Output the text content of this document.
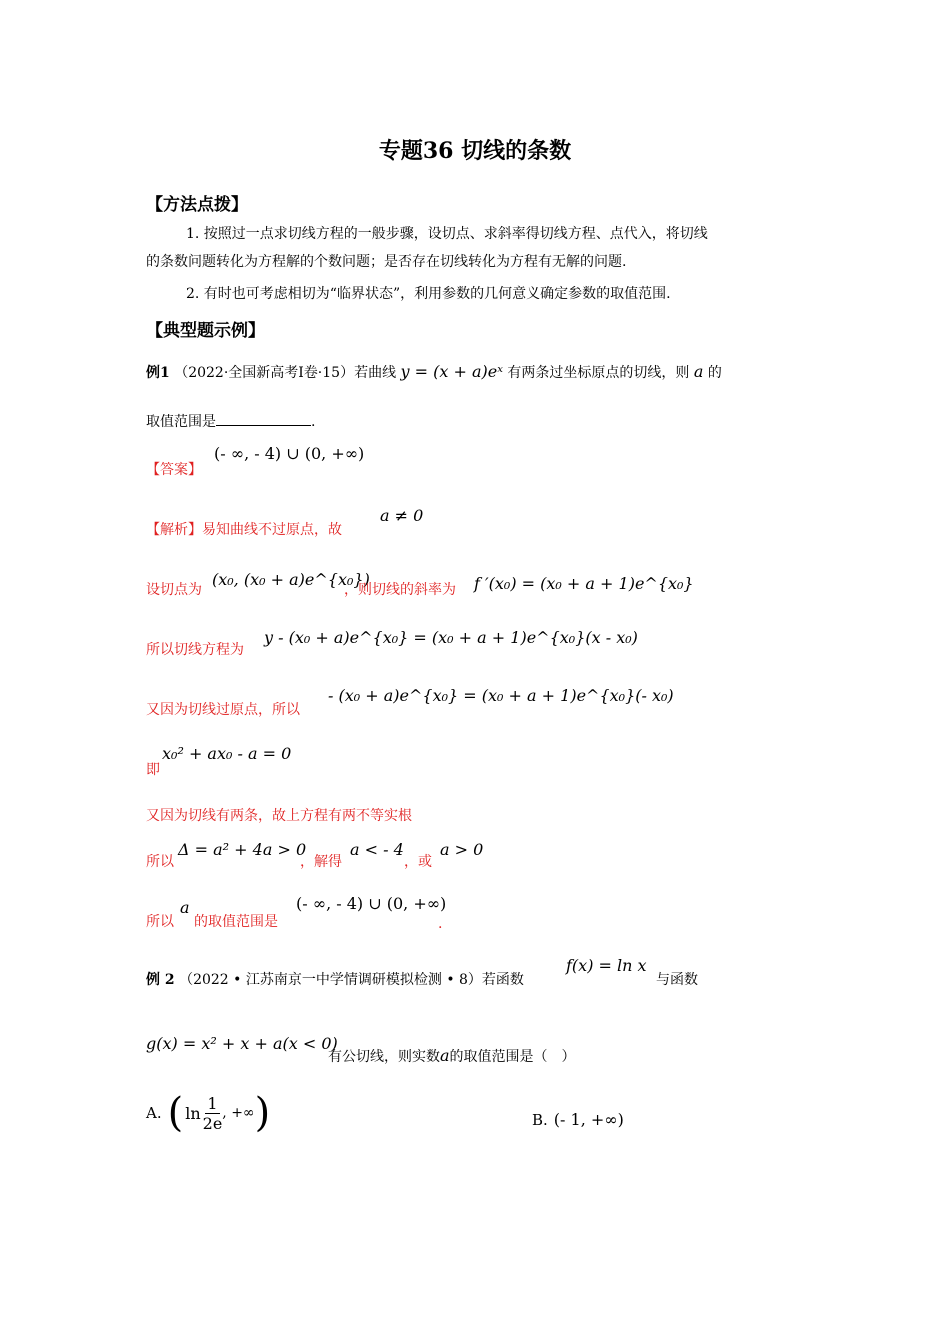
专题36 切线的条数
【方法点拨】
1. 按照过一点求切线方程的一般步骤，设切点、求斜率得切线方程、点代入，将切线
的条数问题转化为方程解的个数问题；是否存在切线转化为方程有无解的问题.
2. 有时也可考虑相切为“临界状态”，利用参数的几何意义确定参数的取值范围.
【典型题示例】
例1 （2022·全国新高考Ⅰ卷·15）若曲线 y = (x + a)eˣ 有两条过坐标原点的切线，则 a 的
取值范围是	.
【答案】
(- ∞, - 4) ∪ (0, +∞)
【解析】易知曲线不过原点，故
a ≠ 0
设切点为
(x₀, (x₀ + a)e^{x₀})
，则切线的斜率为 f ′(x₀) = (x₀ + a + 1)e^{x₀}
所以切线方程为
y - (x₀ + a)e^{x₀} = (x₀ + a + 1)e^{x₀}(x - x₀)
又因为切线过原点，所以
- (x₀ + a)e^{x₀} = (x₀ + a + 1)e^{x₀}(- x₀)
即
x₀² + ax₀ - a = 0
又因为切线有两条，故上方程有两不等实根
所以
Δ = a² + 4a > 0
，解得
a < - 4
，或
a > 0
所以
a
的取值范围是
(- ∞, - 4) ∪ (0, +∞)
.
例 2 （2022 • 江苏南京一中学情调研模拟检测 • 8）若函数
f(x) = ln x
与函数
g(x) = x² + x + a(x < 0)
有公切线，则实数a的取值范围是（　）
A. ( $\ln \frac{1}{2e}$ , +∞ )	B. (- 1, +∞)
